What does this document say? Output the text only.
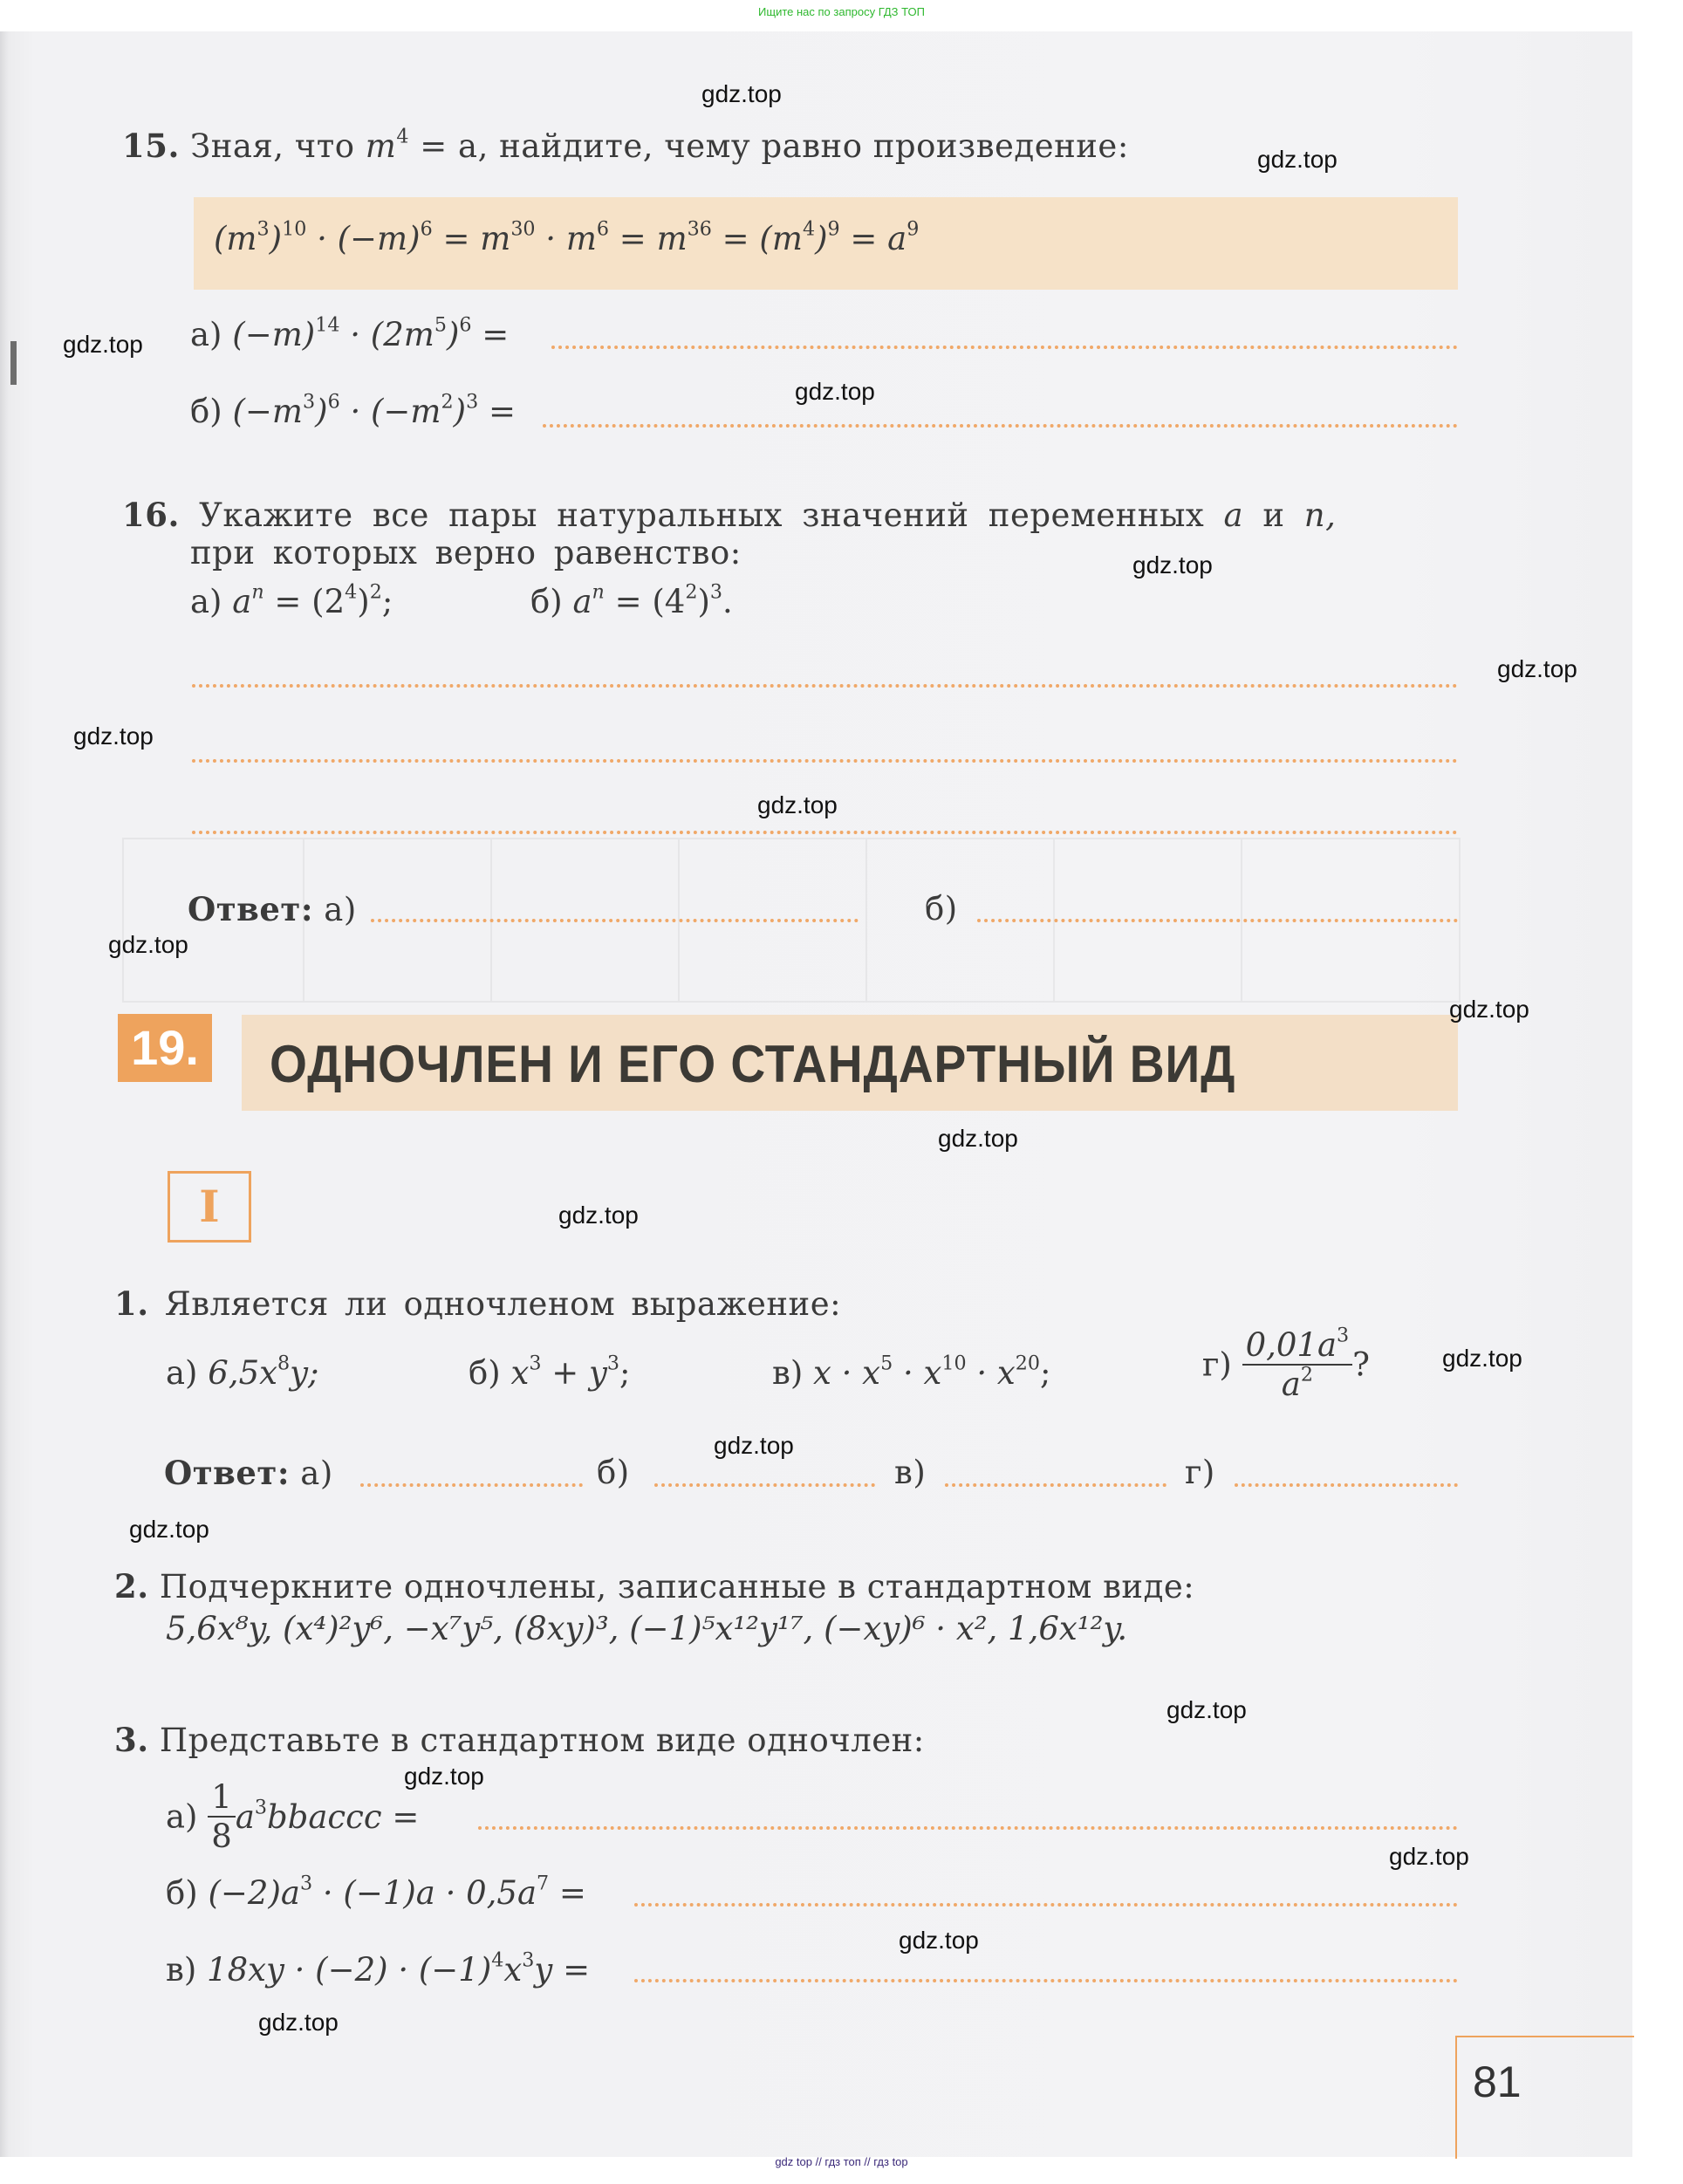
Ищите нас по запросу ГДЗ ТОП
15. Зная, что $m^4 = a$, найдите, чему равно произведение:
$(m^3)^{10} \cdot (-m)^6 = m^{30} \cdot m^6 = m^{36} = (m^4)^9 = a^9$
а) $(-m)^{14} \cdot (2m^5)^6$ =
б) $(-m^3)^6 \cdot (-m^2)^3$ =
16. Укажите все пары натуральных значений переменных a и n,
при которых верно равенство:
а) $a^n = (2^4)^2$;	б) $a^n = (4^2)^3$.
Ответ: а)	б)
19. ОДНОЧЛЕН И ЕГО СТАНДАРТНЫЙ ВИД
I
1. Является ли одночленом выражение:
а) $6,5x^8y$;	б) $x^3 + y^3$;	в) $x \cdot x^5 \cdot x^{10} \cdot x^{20}$;	$г) \frac{0,01a^3}{a^2}$ ?
Ответ: а)	б)	в)	г)
2. Подчеркните одночлены, записанные в стандартном виде:
5,6x⁸y, (x⁴)²y⁶, −x⁷y⁵, (8xy)³, (−1)⁵x¹²y¹⁷, (−xy)⁶ · x², 1,6x¹²y.
3. Представьте в стандартном виде одночлен:
$а) \frac{1}{8}$ $a^3bbaccc$ =
б) $(-2)a^3 \cdot (-1)a \cdot 0,5a^7$ =
в) $18xy \cdot (-2) \cdot (-1)^4x^3y$ =
81
gdz.top
gdz.top
gdz.top
gdz.top
gdz.top
gdz.top
gdz.top
gdz.top
gdz.top
gdz.top
gdz.top
gdz.top
gdz.top
gdz.top
gdz.top
gdz.top
gdz.top
gdz.top
gdz.top
gdz.top
gdz top // гдз топ // гдз top
